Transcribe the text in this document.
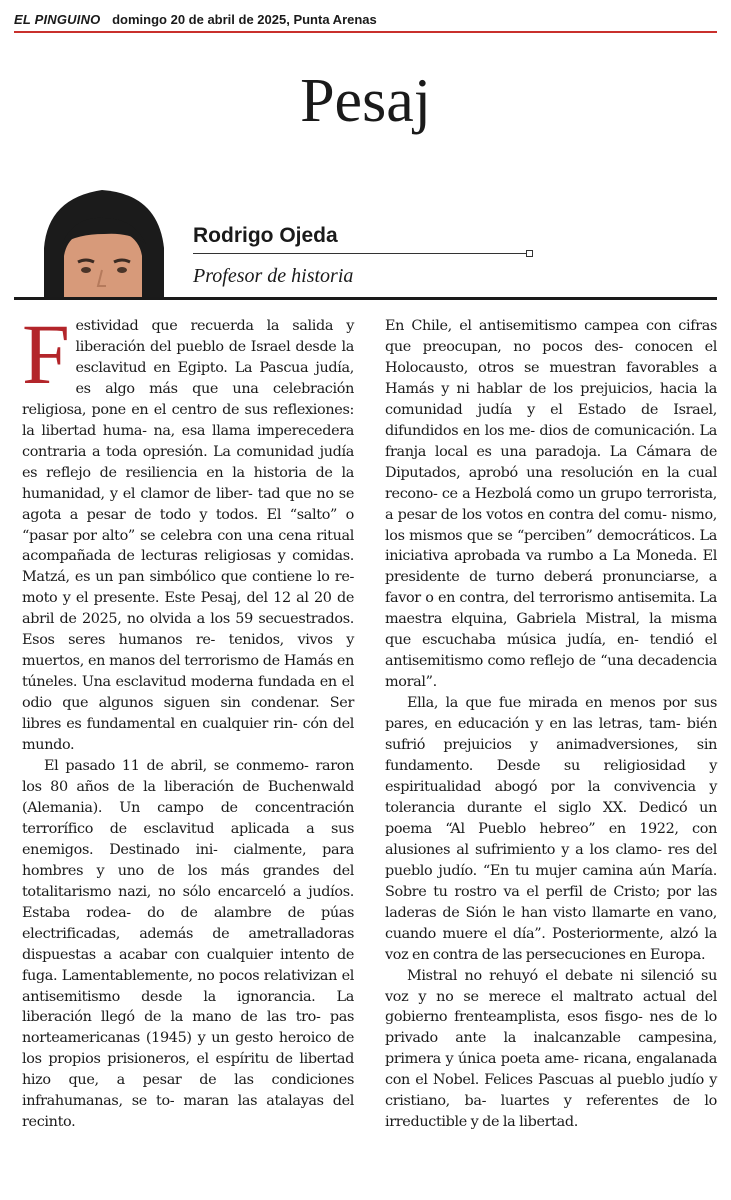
EL PINGUINO domingo 20 de abril de 2025, Punta Arenas
Pesaj
Rodrigo Ojeda
Profesor de historia

Festividad que recuerda la salida y liberación del pueblo de Israel desde la esclavitud en Egipto. La Pascua judía, es algo más que una celebración religiosa, pone en el centro de sus reflexiones: la libertad huma- na, esa llama imperecedera contraria a toda opresión. La comunidad judía es reflejo de resiliencia en la historia de la humanidad, y el clamor de liber- tad que no se agota a pesar de todo y todos. El “salto” o “pasar por alto” se celebra con una cena ritual acompañada de lecturas religiosas y comidas. Matzá, es un pan simbólico que contiene lo re- moto y el presente. Este Pesaj, del 12 al 20 de abril de 2025, no olvida a los 59 secuestrados. Esos seres humanos re- tenidos, vivos y muertos, en manos del terrorismo de Hamás en túneles. Una esclavitud moderna fundada en el odio que algunos siguen sin condenar. Ser libres es fundamental en cualquier rin- cón del mundo.

El pasado 11 de abril, se conmemo- raron los 80 años de la liberación de Buchenwald (Alemania). Un campo de concentración terrorífico de esclavitud aplicada a sus enemigos. Destinado ini- cialmente, para hombres y uno de los más grandes del totalitarismo nazi, no sólo encarceló a judíos. Estaba rodea- do de alambre de púas electrificadas, además de ametralladoras dispuestas a acabar con cualquier intento de fuga. Lamentablemente, no pocos relativizan el antisemitismo desde la ignorancia. La liberación llegó de la mano de las tro- pas norteamericanas (1945) y un gesto heroico de los propios prisioneros, el espíritu de libertad hizo que, a pesar de las condiciones infrahumanas, se to- maran las atalayas del recinto.

En Chile, el antisemitismo campea con cifras que preocupan, no pocos des- conocen el Holocausto, otros se muestran favorables a Hamás y ni hablar de los prejuicios, hacia la comunidad judía y el Estado de Israel, difundidos en los me- dios de comunicación. La franja local es una paradoja. La Cámara de Diputados, aprobó una resolución en la cual recono- ce a Hezbolá como un grupo terrorista, a pesar de los votos en contra del comu- nismo, los mismos que se “perciben” democráticos. La iniciativa aprobada va rumbo a La Moneda. El presidente de turno deberá pronunciarse, a favor o en contra, del terrorismo antisemita. La maestra elquina, Gabriela Mistral, la misma que escuchaba música judía, en- tendió el antisemitismo como reflejo de “una decadencia moral”.

Ella, la que fue mirada en menos por sus pares, en educación y en las letras, tam- bién sufrió prejuicios y animadversiones, sin fundamento. Desde su religiosidad y espiritualidad abogó por la convivencia y tolerancia durante el siglo XX. Dedicó un poema “Al Pueblo hebreo” en 1922, con alusiones al sufrimiento y a los clamo- res del pueblo judío. “En tu mujer camina aún María. Sobre tu rostro va el perfil de Cristo; por las laderas de Sión le han visto llamarte en vano, cuando muere el día”. Posteriormente, alzó la voz en contra de las persecuciones en Europa.

Mistral no rehuyó el debate ni silenció su voz y no se merece el maltrato actual del gobierno frenteamplista, esos fisgo- nes de lo privado ante la inalcanzable campesina, primera y única poeta ame- ricana, engalanada con el Nobel. Felices Pascuas al pueblo judío y cristiano, ba- luartes y referentes de lo irreductible y de la libertad.
